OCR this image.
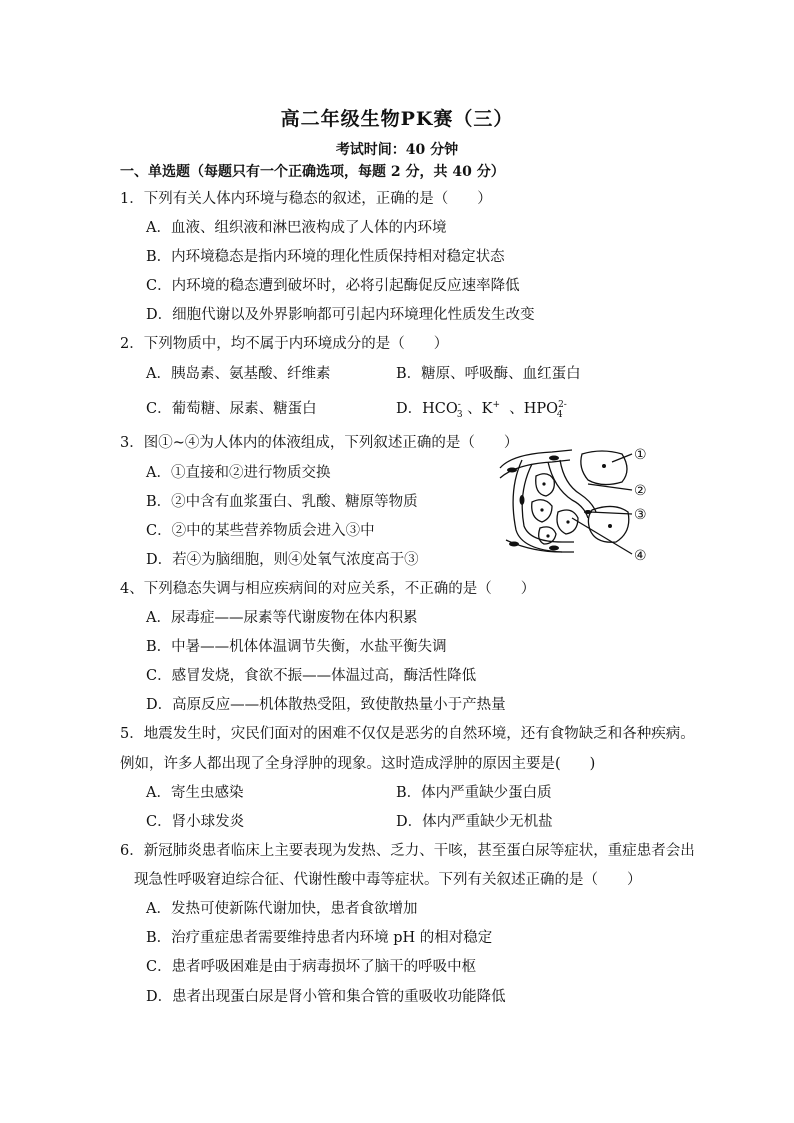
高二年级生物PK赛（三）
考试时间：40 分钟
一、单选题（每题只有一个正确选项，每题 2 分，共 40 分）
1．下列有关人体内环境与稳态的叙述，正确的是（　　）
A．血液、组织液和淋巴液构成了人体的内环境
B．内环境稳态是指内环境的理化性质保持相对稳定状态
C．内环境的稳态遭到破坏时，必将引起酶促反应速率降低
D．细胞代谢以及外界影响都可引起内环境理化性质发生改变
2．下列物质中，均不属于内环境成分的是（　　）
A．胰岛素、氨基酸、纤维素	B．糖原、呼吸酶、血红蛋白
C．葡萄糖、尿素、糖蛋白	D．$HCO^-_3$ 、K+ 、$HPO^{2-}_4$
3．图①~④为人体内的体液组成，下列叙述正确的是（　　）
A．①直接和②进行物质交换
B．②中含有血浆蛋白、乳酸、糖原等物质
C．②中的某些营养物质会进入③中
D．若④为脑细胞，则④处氧气浓度高于③
①
②
③
④
4、下列稳态失调与相应疾病间的对应关系，不正确的是（　　）
A．尿毒症——尿素等代谢废物在体内积累
B．中暑——机体体温调节失衡，水盐平衡失调
C．感冒发烧，食欲不振——体温过高，酶活性降低
D．高原反应——机体散热受阻，致使散热量小于产热量
5．地震发生时，灾民们面对的困难不仅仅是恶劣的自然环境，还有食物缺乏和各种疾病。
例如，许多人都出现了全身浮肿的现象。这时造成浮肿的原因主要是(　　)
A．寄生虫感染	B．体内严重缺少蛋白质
C．肾小球发炎	D．体内严重缺少无机盐
6．新冠肺炎患者临床上主要表现为发热、乏力、干咳，甚至蛋白尿等症状，重症患者会出
现急性呼吸窘迫综合征、代谢性酸中毒等症状。下列有关叙述正确的是（　　）
A．发热可使新陈代谢加快，患者食欲增加
B．治疗重症患者需要维持患者内环境 pH 的相对稳定
C．患者呼吸困难是由于病毒损坏了脑干的呼吸中枢
D．患者出现蛋白尿是肾小管和集合管的重吸收功能降低
